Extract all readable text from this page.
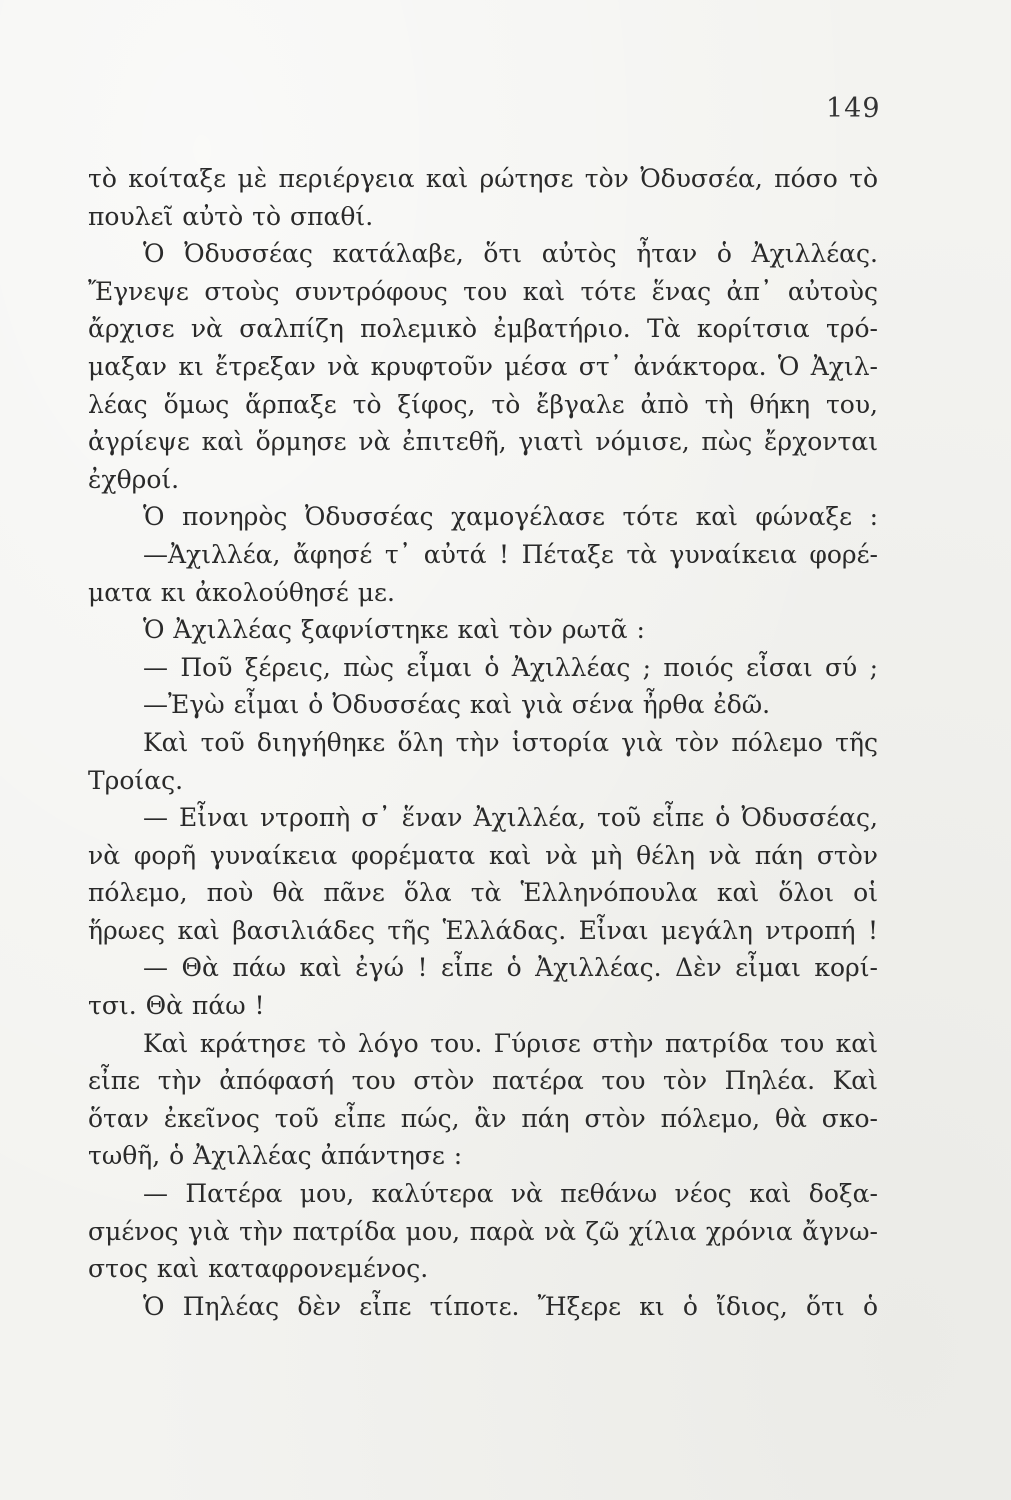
149
τὸ κοίταξε μὲ περιέργεια καὶ ρώτησε τὸν Ὀδυσσέα, πόσο τὸ
πουλεῖ αὐτὸ τὸ σπαθί.
Ὁ Ὀδυσσέας κατάλαβε, ὅτι αὐτὸς ἦταν ὁ Ἀχιλλέας.
Ἔγνεψε στοὺς συντρόφους του καὶ τότε ἕνας ἀπ᾽ αὐτοὺς
ἄρχισε νὰ σαλπίζη πολεμικὸ ἐμβατήριο. Τὰ κορίτσια τρό-
μαξαν κι ἔτρεξαν νὰ κρυφτοῦν μέσα στ᾽ ἀνάκτορα. Ὁ Ἀχιλ-
λέας ὅμως ἅρπαξε τὸ ξίφος, τὸ ἔβγαλε ἀπὸ τὴ θήκη του,
ἀγρίεψε καὶ ὅρμησε νὰ ἐπιτεθῆ, γιατὶ νόμισε, πὼς ἔρχονται
ἐχθροί.
Ὁ πονηρὸς Ὀδυσσέας χαμογέλασε τότε καὶ φώναξε :
—Ἀχιλλέα, ἄφησέ τ᾽ αὐτά ! Πέταξε τὰ γυναίκεια φορέ-
ματα κι ἀκολούθησέ με.
Ὁ Ἀχιλλέας ξαφνίστηκε καὶ τὸν ρωτᾶ :
— Ποῦ ξέρεις, πὼς εἶμαι ὁ Ἀχιλλέας ; ποιός εἶσαι σύ ;
—Ἐγὼ εἶμαι ὁ Ὀδυσσέας καὶ γιὰ σένα ἦρθα ἐδῶ.
Καὶ τοῦ διηγήθηκε ὅλη τὴν ἱστορία γιὰ τὸν πόλεμο τῆς
Τροίας.
— Εἶναι ντροπὴ σ᾽ ἕναν Ἀχιλλέα, τοῦ εἶπε ὁ Ὀδυσσέας,
νὰ φορῆ γυναίκεια φορέματα καὶ νὰ μὴ θέλη νὰ πάη στὸν
πόλεμο, ποὺ θὰ πᾶνε ὅλα τὰ Ἑλληνόπουλα καὶ ὅλοι οἱ
ἥρωες καὶ βασιλιάδες τῆς Ἑλλάδας. Εἶναι μεγάλη ντροπή !
— Θὰ πάω καὶ ἐγώ ! εἶπε ὁ Ἀχιλλέας. Δὲν εἶμαι κορί-
τσι. Θὰ πάω !
Καὶ κράτησε τὸ λόγο του. Γύρισε στὴν πατρίδα του καὶ
εἶπε τὴν ἀπόφασή του στὸν πατέρα του τὸν Πηλέα. Καὶ
ὅταν ἐκεῖνος τοῦ εἶπε πώς, ἂν πάη στὸν πόλεμο, θὰ σκο-
τωθῆ, ὁ Ἀχιλλέας ἀπάντησε :
— Πατέρα μου, καλύτερα νὰ πεθάνω νέος καὶ δοξα-
σμένος γιὰ τὴν πατρίδα μου, παρὰ νὰ ζῶ χίλια χρόνια ἄγνω-
στος καὶ καταφρονεμένος.
Ὁ Πηλέας δὲν εἶπε τίποτε. Ἤξερε κι ὁ ἴδιος, ὅτι ὁ
